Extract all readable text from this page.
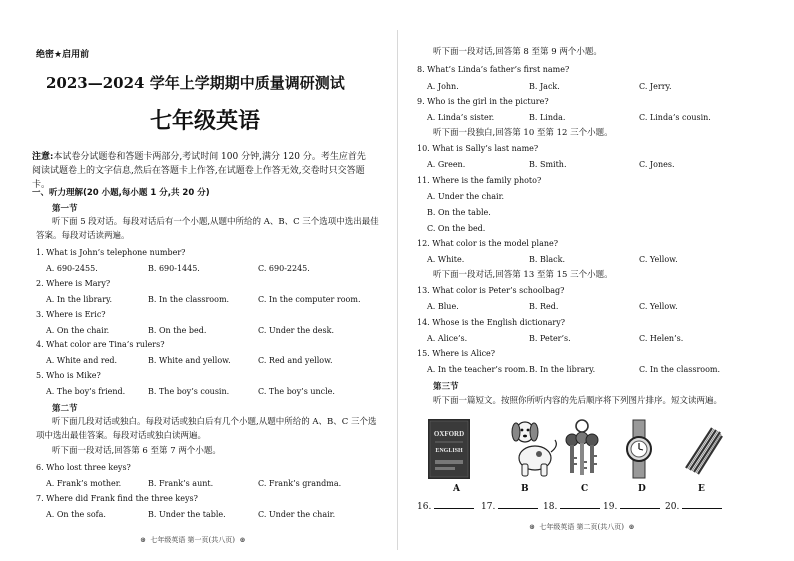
绝密★启用前
2023—2024 学年上学期期中质量调研测试
七年级英语
注意:本试卷分试题卷和答题卡两部分,考试时间 100 分钟,满分 120 分。考生应首先
阅读试题卷上的文字信息,然后在答题卡上作答,在试题卷上作答无效,交卷时只交答题卡。
一、听力理解(20 小题,每小题 1 分,共 20 分)
第一节
听下面 5 段对话。每段对话后有一个小题,从题中所给的 A、B、C 三个选项中选出最佳
答案。每段对话读两遍。
1. What is John’s telephone number?
A. 690-2455.	B. 690-1445.	C. 690-2245.
2. Where is Mary?
A. In the library.	B. In the classroom.	C. In the computer room.
3. Where is Eric?
A. On the chair.	B. On the bed.	C. Under the desk.
4. What color are Tina’s rulers?
A. White and red.	B. White and yellow.	C. Red and yellow.
5. Who is Mike?
A. The boy’s friend.	B. The boy’s cousin.	C. The boy’s uncle.
第二节
听下面几段对话或独白。每段对话或独白后有几个小题,从题中所给的 A、B、C 三个选
项中选出最佳答案。每段对话或独白读两遍。
听下面一段对话,回答第 6 至第 7 两个小题。
6. Who lost three keys?
A. Frank’s mother.	B. Frank’s aunt.	C. Frank’s grandma.
7. Where did Frank find the three keys?
A. On the sofa.	B. Under the table.	C. Under the chair.
⊛  七年级英语 第一页(共八页)  ⊛
听下面一段对话,回答第 8 至第 9 两个小题。
8. What’s Linda’s father’s first name?
A. John.	B. Jack.	C. Jerry.
9. Who is the girl in the picture?
A. Linda’s sister.	B. Linda.	C. Linda’s cousin.
听下面一段独白,回答第 10 至第 12 三个小题。
10. What is Sally’s last name?
A. Green.	B. Smith.	C. Jones.
11. Where is the family photo?
A. Under the chair.
B. On the table.
C. On the bed.
12. What color is the model plane?
A. White.	B. Black.	C. Yellow.
听下面一段对话,回答第 13 至第 15 三个小题。
13. What color is Peter’s schoolbag?
A. Blue.	B. Red.	C. Yellow.
14. Whose is the English dictionary?
A. Alice’s.	B. Peter’s.	C. Helen’s.
15. Where is Alice?
A. In the teacher’s room. B. In the library.	C. In the classroom.
第三节
听下面一篇短文。按照你所听内容的先后顺序将下列图片排序。短文读两遍。
OXFORD
ENGLISH
A	B	C	D	E
16.	17.	18.	19.	20.
⊛  七年级英语 第二页(共八页)  ⊛
